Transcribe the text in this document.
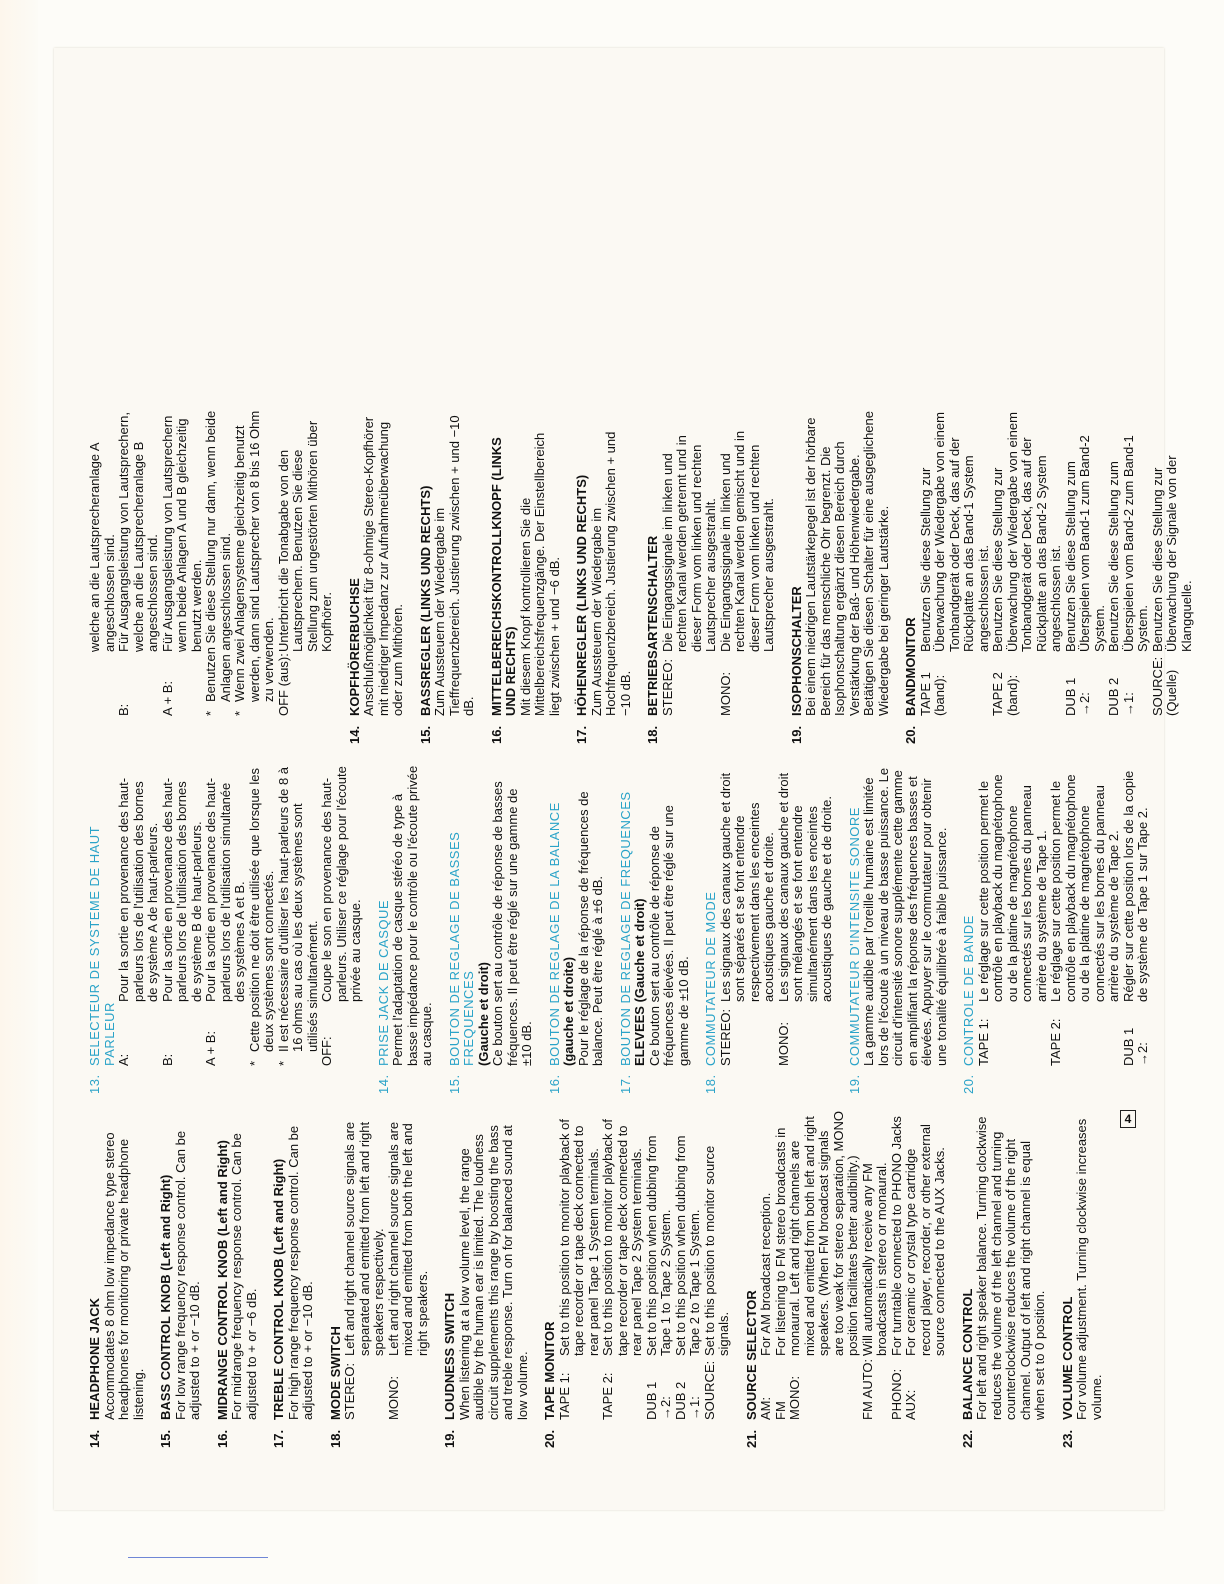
14.
HEADPHONE JACK Accommodates 8 ohm low impedance type stereo headphones for monitoring or private headphone listening.
15.
BASS CONTROL KNOB (Left and Right) For low range frequency response control. Can be adjusted to + or −10 dB.
16.
MIDRANGE CONTROL KNOB (Left and Right) For midrange frequency response control. Can be adjusted to + or −6 dB.
17.
TREBLE CONTROL KNOB (Left and Right) For high range frequency response control. Can be adjusted to + or −10 dB.
18.
MODE SWITCH STEREO:
Left and right channel source signals are separated and emitted from left and right speakers respectively.
MONO:
Left and right channel source signals are mixed and emitted from both the left and right speakers.
19.
LOUDNESS SWITCH When listening at a low volume level, the range audible by the human ear is limited. The loudness circuit supplements this range by boosting the bass and treble response. Turn on for balanced sound at low volume.
20.
TAPE MONITOR TAPE 1:
Set to this position to monitor playback of tape recorder or tape deck connected to rear panel Tape 1 System terminals.
TAPE 2:
Set to this position to monitor playback of tape recorder or tape deck connected to rear panel Tape 2 System terminals.
DUB 1 →2:
Set to this position when dubbing from Tape 1 to Tape 2 System.
DUB 2 →1:
Set to this position when dubbing from Tape 2 to Tape 1 System.
SOURCE:
Set to this position to monitor source signals.
21.
SOURCE SELECTOR AM:
For AM broadcast reception.
FM MONO:
For listening to FM stereo broadcasts in monaural. Left and right channels are mixed and emitted from both left and right speakers. (When FM broadcast signals are too weak for stereo separation, MONO position facilitates better audibility.)
FM AUTO:
Will automatically receive any FM broadcasts in stereo or monaural.
PHONO:
For turntable connected to PHONO Jacks
AUX:
For ceramic or crystal type cartridge record player, recorder, or other external source connected to the AUX Jacks.
22.
BALANCE CONTROL For left and right speaker balance. Turning clockwise reduces the volume of the left channel and turning counterclockwise reduces the volume of the right channel. Output of left and right channel is equal when set to 0 position.
23.
VOLUME CONTROL For volume adjustment. Turning clockwise increases volume.
13.
SELECTEUR DE SYSTEME DE HAUT PARLEUR A:
Pour la sortie en provenance des haut-parleurs lors de l'utilisation des bornes de système A de haut-parleurs.
B:
Pour la sortie en provenance des haut-parleurs lors de l'utilisation des bornes de système B de haut-parleurs.
A + B:
Pour la sortie en provenance des haut-parleurs lors de l'utilisation simultanée des systèmes A et B.
*
Cette position ne doit être utilisée que lorsque les deux systèmes sont connectés.
*
Il est nécessaire d'utiliser les haut-parleurs de 8 à 16 ohms au cas où les deux systèmes sont utilisés simultanément. OFF:
Coupe le son en provenance des haut-parleurs. Utiliser ce réglage pour l'écoute privée au casque.
14.
PRISE JACK DE CASQUE Permet l'adaptation de casque stéréo de type à basse impédance pour le contrôle ou l'écoute privée au casque.
15.
BOUTON DE REGLAGE DE BASSES FREQUENCES (Gauche et droit) Ce bouton sert au contrôle de réponse de basses fréquences. Il peut être réglé sur une gamme de ±10 dB.
16.
BOUTON DE REGLAGE DE LA BALANCE (gauche et droite) Pour le réglage de la réponse de fréquences de balance. Peut être réglé à ±6 dB.
17.
BOUTON DE REGLAGE DE FREQUENCES ELEVEES (Gauche et droit) Ce bouton sert au contrôle de réponse de fréquences élevées. Il peut être réglé sur une gamme de ±10 dB.
18.
COMMUTATEUR DE MODE STEREO:
Les signaux des canaux gauche et droit sont séparés et se font entendre respectivement dans les enceintes acoustiques gauche et droite.
MONO:
Les signaux des canaux gauche et droit sont mélangés et se font entendre simultanément dans les enceintes acoustiques de gauche et de droite.
19.
COMMUTATEUR D'INTENSITE SONORE La gamme audible par l'oreille humaine est limitée lors de l'écoute à un niveau de basse puissance. Le circuit d'intensité sonore supplémente cette gamme en amplifiant la réponse des fréquences basses et élevées. Appuyer sur le commutateur pour obtenir une tonalité équilibrée à faible puissance.
20.
CONTROLE DE BANDE TAPE 1:
Le réglage sur cette position permet le contrôle en playback du magnétophone ou de la platine de magnétophone connectés sur les bornes du panneau arrière du système de Tape 1.
TAPE 2:
Le réglage sur cette position permet le contrôle en playback du magnétophone ou de la platine de magnétophone connectés sur les bornes du panneau arrière du système de Tape 2.
DUB 1 →2:
Régler sur cette position lors de la copie de système de Tape 1 sur Tape 2.
welche an die Lautsprecheranlage A angeschlossen sind.
B:
Für Ausgangsleistung von Lautsprechern, welche an die Lautsprecheranlage B angeschlossen sind.
A + B:
Für Ausgangsleistung von Lautsprechern wenn beide Anlagen A und B gleichzeitig benutzt werden.
*
Benutzen Sie diese Stellung nur dann, wenn beide Anlagen angeschlossen sind.
*
Wenn zwei Anlagensysteme gleichzeitig benutzt werden, dann sind Lautsprecher von 8 bis 16 Ohm zu verwenden. OFF (aus):
Unterbricht die Tonabgabe von den Lautsprechern. Benutzen Sie diese Stellung zum ungestörten Mithören über Kopfhörer.
14.
KOPFHÖRERBUCHSE Anschlußmöglichkeit für 8-ohmige Stereo-Kopfhörer mit niedriger Impedanz zur Aufnahmeüberwachung oder zum Mithören.
15.
BASSREGLER (LINKS UND RECHTS) Zum Aussteuern der Wiedergabe im Tieffrequenzbereich. Justierung zwischen + und −10 dB.
16.
MITTELBEREICHSKONTROLLKNOPF (LINKS UND RECHTS) Mit diesem Knopf kontrollieren Sie die Mittelbereichsfrequenzgänge. Der Einstellbereich liegt zwischen + und −6 dB.
17.
HÖHENREGLER (LINKS UND RECHTS) Zum Aussteuern der Wiedergabe im Hochfrequenzbereich. Justierung zwischen + und −10 dB.
18.
BETRIEBSARTENSCHALTER STEREO:
Die Eingangssignale im linken und rechten Kanal werden getrennt und in dieser Form vom linken und rechten Lautsprecher ausgestrahlt.
MONO:
Die Eingangssignale im linken und rechten Kanal werden gemischt und in dieser Form vom linken und rechten Lautsprecher ausgestrahlt.
19.
ISOPHONSCHALTER Bei einem niedrigen Lautstärkepegel ist der hörbare Bereich für das menschliche Ohr begrenzt. Die Isophonschaltung ergänzt diesen Bereich durch Verstärkung der Baß- und Höhenwiedergabe. Betätigen Sie diesen Schalter für eine ausgeglichene Wiedergabe bei geringer Lautstärke.
20.
BANDMONITOR TAPE 1 (band):
Benutzen Sie diese Stellung zur Überwachung der Wiedergabe von einem Tonbandgerät oder Deck, das auf der Rückplatte an das Band-1 System angeschlossen ist.
TAPE 2 (band):
Benutzen Sie diese Stellung zur Überwachung der Wiedergabe von einem Tonbandgerät oder Deck, das auf der Rückplatte an das Band-2 System angeschlossen ist.
DUB 1 →2:
Benutzen Sie diese Stellung zum Überspielen vom Band-1 zum Band-2 System.
DUB 2 →1:
Benutzen Sie diese Stellung zum Überspielen vom Band-2 zum Band-1 System.
SOURCE: (Quelle)
Benutzen Sie diese Stellung zur Überwachung der Signale von der Klangquelle.
4
